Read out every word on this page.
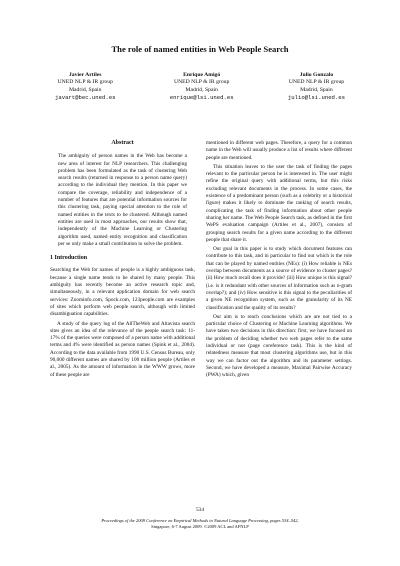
The role of named entities in Web People Search
Javier Artiles
UNED NLP & IR group
Madrid, Spain
javart@bec.uned.es
Enrique Amigó
UNED NLP & IR group
Madrid, Spain
enrique@lsi.uned.es
Julio Gonzalo
UNED NLP & IR group
Madrid, Spain
julio@lsi.uned.es
Abstract

The ambiguity of person names in the Web has become a new area of interest for NLP researchers. This challenging problem has been formulated as the task of clustering Web search results (returned in response to a person name query) according to the individual they mention. In this paper we compare the coverage, reliability and independence of a number of features that are potential information sources for this clustering task, paying special attention to the role of named entities in the texts to be clustered. Although named entities are used in most approaches, our results show that, independently of the Machine Learning or Clustering algorithm used, named entity recognition and classification per se only make a small contribution to solve the problem.

1 Introduction

Searching the Web for names of people is a highly ambiguous task, because a single name tends to be shared by many people. This ambiguity has recently become an active research topic and, simultaneously, in a relevant application domain for web search services: Zoominfo.com, Spock.com, 123people.com are examples of sites which perform web people search, although with limited disambiguation capabilities.

A study of the query log of the AllTheWeb and Altavista search sites gives an idea of the relevance of the people search task: 11-17% of the queries were composed of a person name with additional terms and 4% were identified as person names (Spink et al., 2004). According to the data available from 1990 U.S. Census Bureau, only 90,000 different names are shared by 100 million people (Artiles et al., 2005). As the amount of information in the WWW grows, more of these people are

mentioned in different web pages. Therefore, a query for a common name in the Web will usually produce a list of results where different people are mentioned.

This situation leaves to the user the task of finding the pages relevant to the particular person he is interested in. The user might refine the original query with additional terms, but this risks excluding relevant documents in the process. In some cases, the existence of a predominant person (such as a celebrity or a historical figure) makes it likely to dominate the ranking of search results, complicating the task of finding information about other people sharing her name. The Web People Search task, as defined in the first WePS evaluation campaign (Artiles et al., 2007), consists of grouping search results for a given name according to the different people that share it.

Our goal in this paper is to study which document features can contribute to this task, and in particular to find out which is the role that can be played by named entities (NEs): (i) How reliable is NEs overlap between documents as a source of evidence to cluster pages? (ii) How much recall does it provide? (iii) How unique is this signal? (i.e. is it redundant with other sources of information such as n-gram overlap?); and (iv) How sensitive is this signal to the peculiarities of a given NE recognition system, such as the granularity of its NE classification and the quality of its results?

Our aim is to reach conclusions which are are not tied to a particular choice of Clustering or Machine Learning algorithms. We have taken two decisions in this direction: first, we have focused on the problem of deciding whether two web pages refer to the same individual or not (page coreference task). This is the kind of relatedness measure that most clustering algorithms use, but in this way we can factor out the algorithm and its parameter settings. Second, we have developed a measure, Maximal Pairwise Accuracy (PWA) which, given

534
Proceedings of the 2009 Conference on Empirical Methods in Natural Language Processing, pages 534–542,
Singapore, 6-7 August 2009. ©2009 ACL and AFNLP
